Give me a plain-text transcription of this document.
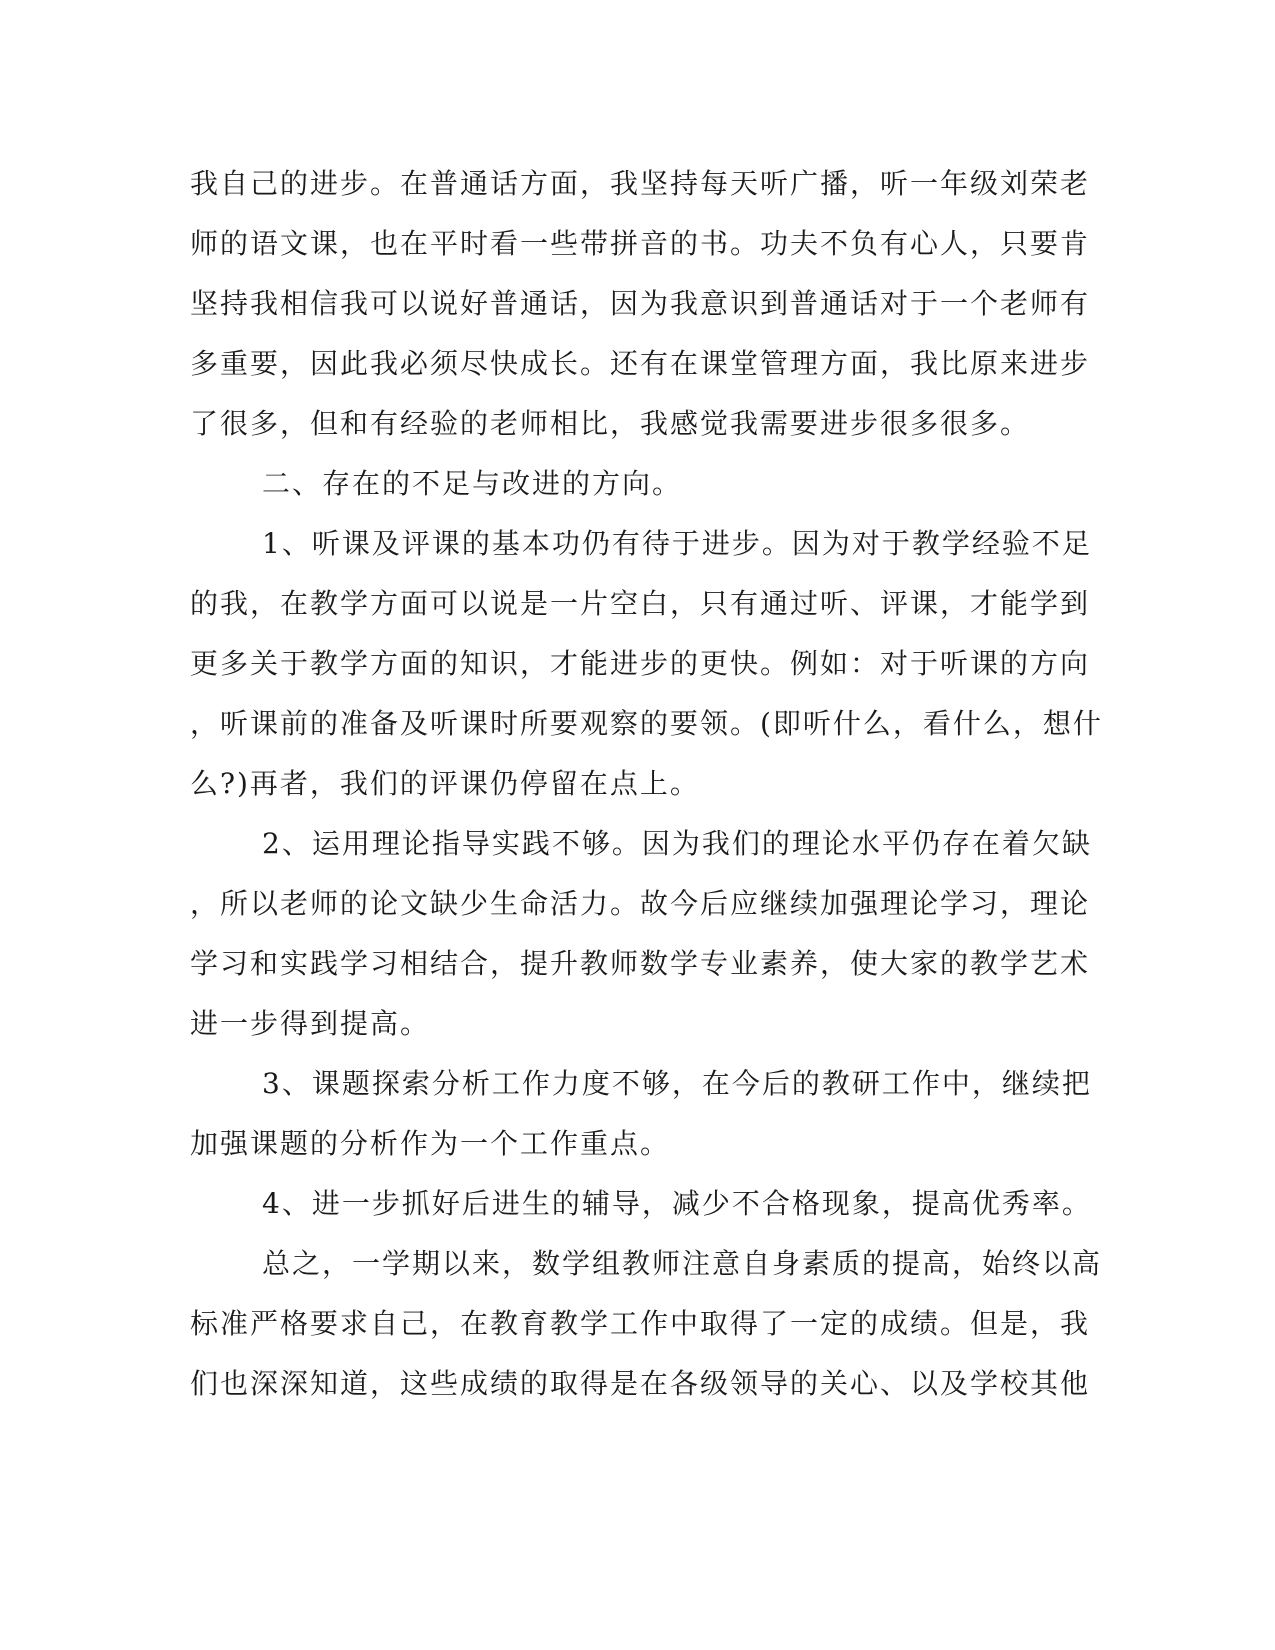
我自己的进步。在普通话方面，我坚持每天听广播，听一年级刘荣老
师的语文课，也在平时看一些带拼音的书。功夫不负有心人，只要肯
坚持我相信我可以说好普通话，因为我意识到普通话对于一个老师有
多重要，因此我必须尽快成长。还有在课堂管理方面，我比原来进步
了很多，但和有经验的老师相比，我感觉我需要进步很多很多。
二、存在的不足与改进的方向。
1、听课及评课的基本功仍有待于进步。因为对于教学经验不足
的我，在教学方面可以说是一片空白，只有通过听、评课，才能学到
更多关于教学方面的知识，才能进步的更快。例如：对于听课的方向
，听课前的准备及听课时所要观察的要领。(即听什么，看什么，想什
么?)再者，我们的评课仍停留在点上。
2、运用理论指导实践不够。因为我们的理论水平仍存在着欠缺
，所以老师的论文缺少生命活力。故今后应继续加强理论学习，理论
学习和实践学习相结合，提升教师数学专业素养，使大家的教学艺术
进一步得到提高。
3、课题探索分析工作力度不够，在今后的教研工作中，继续把
加强课题的分析作为一个工作重点。
4、进一步抓好后进生的辅导，减少不合格现象，提高优秀率。
总之，一学期以来，数学组教师注意自身素质的提高，始终以高
标准严格要求自己，在教育教学工作中取得了一定的成绩。但是，我
们也深深知道，这些成绩的取得是在各级领导的关心、以及学校其他
